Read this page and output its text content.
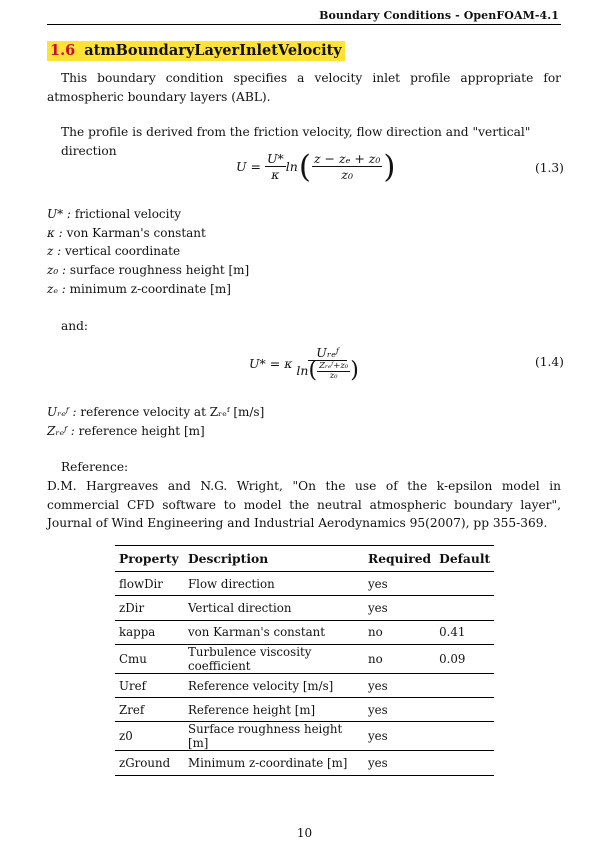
Boundary Conditions - OpenFOAM-4.1
1.6 atmBoundaryLayerInletVelocity
This boundary condition specifies a velocity inlet profile appropriate for atmospheric boundary layers (ABL).
The profile is derived from the friction velocity, flow direction and "vertical" direction
$U = \frac{U*}{\kappa}$ ln ( $\frac{\text{z − zₑ + z₀}}{\text{z₀}}$ )	(1.3)
U* : frictional velocity
κ : von Karman's constant
z : vertical coordinate
z₀ : surface roughness height [m]
zₑ : minimum z-coordinate [m]
and:
U* = κ $\frac{\text{Uᵣₑᶠ}}{\ln ( \frac{\text{Zᵣₑᶠ+z₀}}{\text{z₀}} )}$	(1.4)
Uᵣₑᶠ : reference velocity at Zᵣₑᶠ [m/s]
Zᵣₑᶠ : reference height [m]
Reference:
D.M. Hargreaves and N.G. Wright, "On the use of the k-epsilon model in commercial CFD software to model the neutral atmospheric boundary layer", Journal of Wind Engineering and Industrial Aerodynamics 95(2007), pp 355-369.
Property	Description	Required	Default
flowDir	Flow direction	yes	
zDir	Vertical direction	yes	
kappa	von Karman's constant	no	0.41
Cmu	Turbulence viscosity coefficient	no	0.09
Uref	Reference velocity [m/s]	yes	
Zref	Reference height [m]	yes	
z0	Surface roughness height [m]	yes	
zGround	Minimum z-coordinate [m]	yes	
10
